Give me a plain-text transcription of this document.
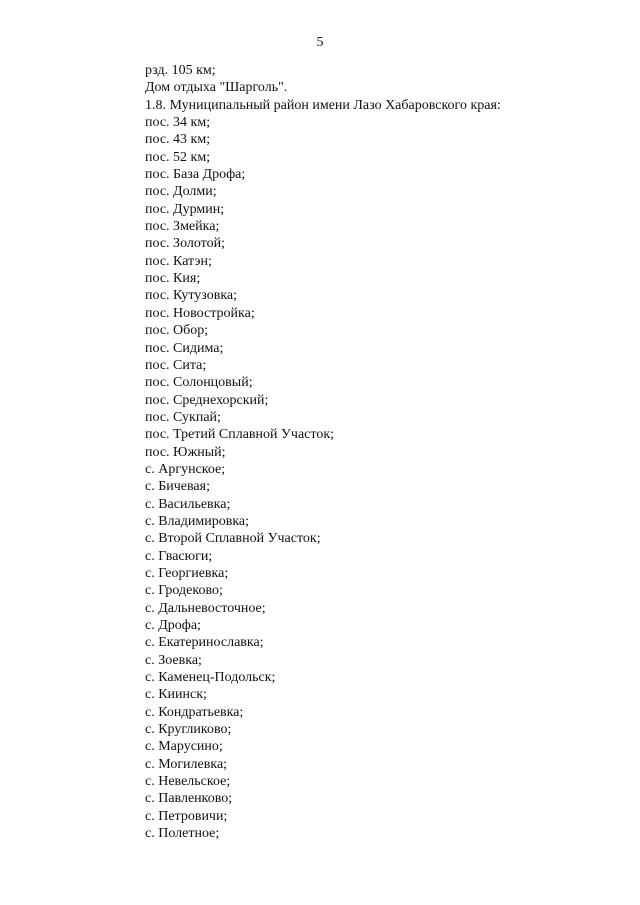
5
рзд. 105 км;
Дом отдыха "Шарголь".
1.8. Муниципальный район имени Лазо Хабаровского края:
пос. 34 км;
пос. 43 км;
пос. 52 км;
пос. База Дрофа;
пос. Долми;
пос. Дурмин;
пос. Змейка;
пос. Золотой;
пос. Катэн;
пос. Кия;
пос. Кутузовка;
пос. Новостройка;
пос. Обор;
пос. Сидима;
пос. Сита;
пос. Солонцовый;
пос. Среднехорский;
пос. Сукпай;
пос. Третий Сплавной Участок;
пос. Южный;
с. Аргунское;
с. Бичевая;
с. Васильевка;
с. Владимировка;
с. Второй Сплавной Участок;
с. Гвасюги;
с. Георгиевка;
с. Гродеково;
с. Дальневосточное;
с. Дрофа;
с. Екатеринославка;
с. Зоевка;
с. Каменец-Подольск;
с. Киинск;
с. Кондратьевка;
с. Кругликово;
с. Марусино;
с. Могилевка;
с. Невельское;
с. Павленково;
с. Петровичи;
с. Полетное;
